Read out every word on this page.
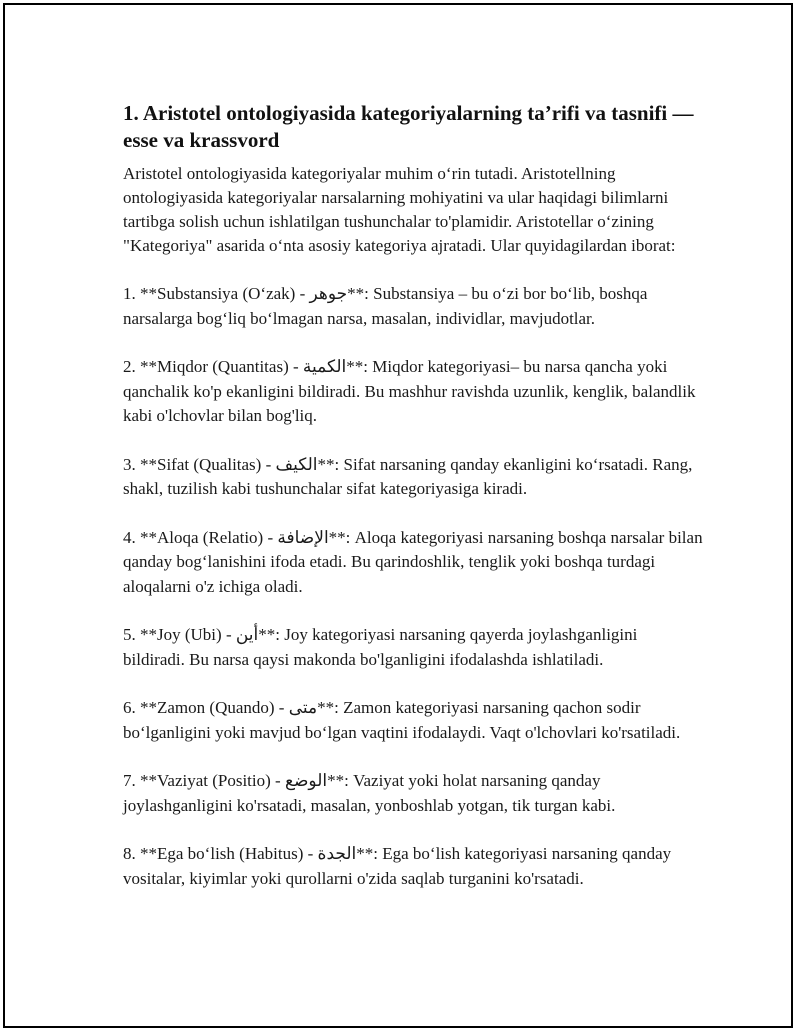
1. Aristotel ontologiyasida kategoriyalarning ta’rifi va tasnifi — esse va krassvord

Aristotel ontologiyasida kategoriyalar muhim o‘rin tutadi. Aristotellning ontologiyasida kategoriyalar narsalarning mohiyatini va ular haqidagi bilimlarni tartibga solish uchun ishlatilgan tushunchalar to'plamidir. Aristotellar o‘zining "Kategoriya" asarida o‘nta asosiy kategoriya ajratadi. Ular quyidagilardan iborat:

1. **Substansiya (O‘zak) - جوهر**: Substansiya – bu o‘zi bor bo‘lib, boshqa narsalarga bog‘liq bo‘lmagan narsa, masalan, individlar, mavjudotlar.

2. **Miqdor (Quantitas) - الكمية**: Miqdor kategoriyasi– bu narsa qancha yoki qanchalik ko'p ekanligini bildiradi. Bu mashhur ravishda uzunlik, kenglik, balandlik kabi o'lchovlar bilan bog'liq.

3. **Sifat (Qualitas) - الكيف**: Sifat narsaning qanday ekanligini ko‘rsatadi. Rang, shakl, tuzilish kabi tushunchalar sifat kategoriyasiga kiradi.

4. **Aloqa (Relatio) - الإضافة**: Aloqa kategoriyasi narsaning boshqa narsalar bilan qanday bog‘lanishini ifoda etadi. Bu qarindoshlik, tenglik yoki boshqa turdagi aloqalarni o'z ichiga oladi.

5. **Joy (Ubi) - أين**: Joy kategoriyasi narsaning qayerda joylashganligini bildiradi. Bu narsa qaysi makonda bo'lganligini ifodalashda ishlatiladi.

6. **Zamon (Quando) - متى**: Zamon kategoriyasi narsaning qachon sodir bo‘lganligini yoki mavjud bo‘lgan vaqtini ifodalaydi. Vaqt o'lchovlari ko'rsatiladi.

7. **Vaziyat (Positio) - الوضع**: Vaziyat yoki holat narsaning qanday joylashganligini ko'rsatadi, masalan, yonboshlab yotgan, tik turgan kabi.

8. **Ega bo‘lish (Habitus) - الجدة**: Ega bo‘lish kategoriyasi narsaning qanday vositalar, kiyimlar yoki qurollarni o'zida saqlab turganini ko'rsatadi.
